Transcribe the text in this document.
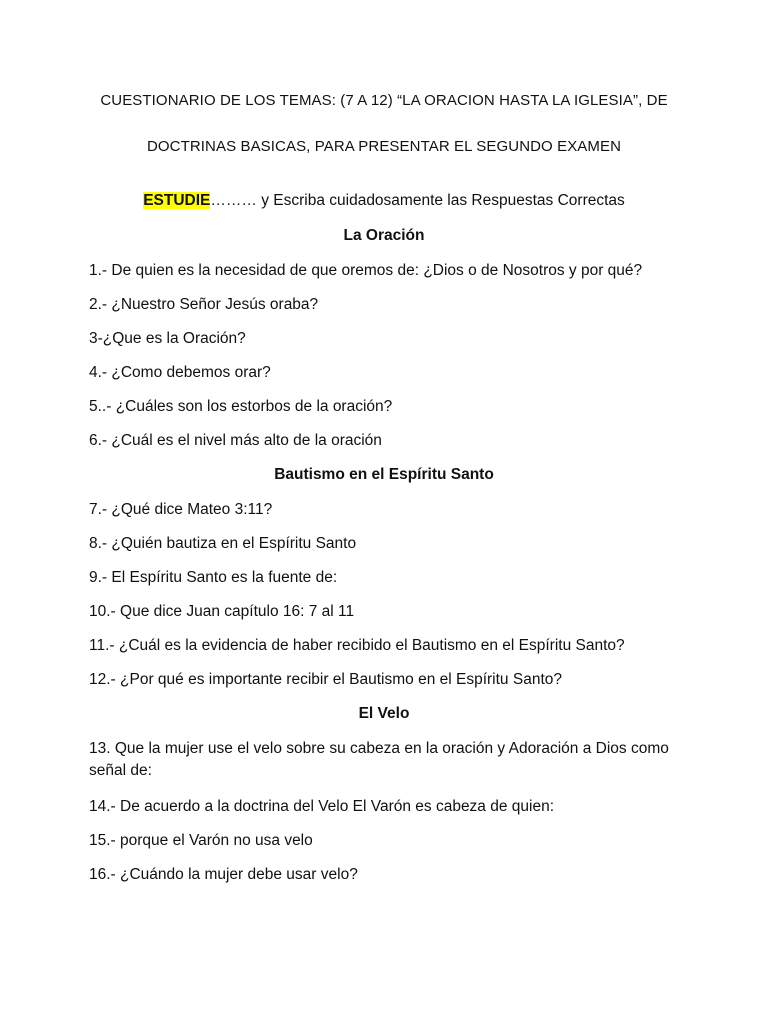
CUESTIONARIO DE LOS TEMAS: (7 A 12) “LA ORACION HASTA LA IGLESIA”, DE
DOCTRINAS BASICAS, PARA PRESENTAR EL SEGUNDO EXAMEN
ESTUDIE……… y Escriba cuidadosamente las Respuestas Correctas
La Oración
1.- De quien es la necesidad de que oremos de: ¿Dios o de Nosotros y por qué?
2.- ¿Nuestro Señor Jesús oraba?
3-¿Que es la Oración?
4.- ¿Como debemos orar?
5..- ¿Cuáles son los estorbos de la oración?
6.- ¿Cuál es el nivel más alto de la oración
Bautismo en el Espíritu Santo
7.- ¿Qué dice Mateo 3:11?
8.- ¿Quién bautiza en el Espíritu Santo
9.- El Espíritu Santo es la fuente de:
10.- Que dice Juan capítulo 16: 7 al 11
11.- ¿Cuál es la evidencia de haber recibido el Bautismo en el Espíritu Santo?
12.- ¿Por qué es importante recibir el Bautismo en el Espíritu Santo?
El Velo
13. Que la mujer use el velo sobre su cabeza en la oración y Adoración a Dios como señal de:
14.- De acuerdo a la doctrina del Velo El Varón es cabeza de quien:
15.- porque el Varón no usa velo
16.- ¿Cuándo la mujer debe usar velo?
